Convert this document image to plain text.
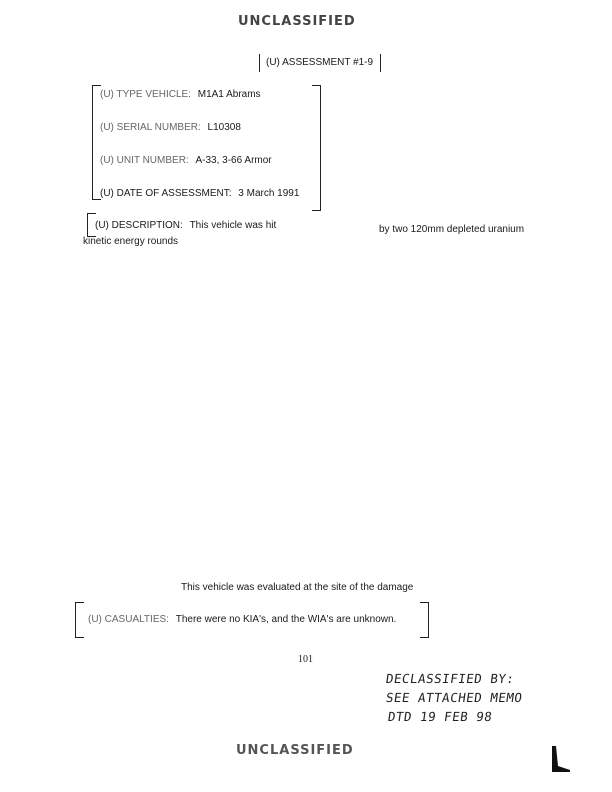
UNCLASSIFIED
(U) ASSESSMENT #1-9
(U) TYPE VEHICLE: M1A1 Abrams
(U) SERIAL NUMBER: L10308
(U) UNIT NUMBER: A-33, 3-66 Armor
(U) DATE OF ASSESSMENT: 3 March 1991
(U) DESCRIPTION: This vehicle was hit	by two 120mm depleted uranium
kinetic energy rounds
This vehicle was evaluated at the site of the damage
(U) CASUALTIES: There were no KIA's, and the WIA's are unknown.
101
DECLASSIFIED BY:
SEE ATTACHED MEMO
DTD 19 FEB 98
UNCLASSIFIED
